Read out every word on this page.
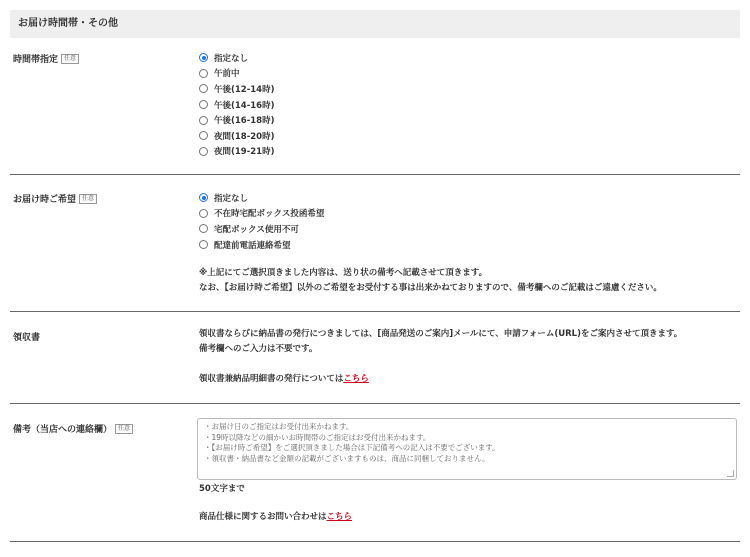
お届け時間帯・その他
時間帯指定	任意	指定なし
午前中
午後(12-14時)
午後(14-16時)
午後(16-18時)
夜間(18-20時)
夜間(19-21時)
お届け時ご希望	任意	指定なし
不在時宅配ボックス投函希望
宅配ボックス使用不可
配達前電話連絡希望
※上記にてご選択頂きました内容は、送り状の備考へ記載させて頂きます。
なお、【お届け時ご希望】以外のご希望をお受付する事は出来かねておりますので、備考欄へのご記載はご遠慮ください。
領収書	領収書ならびに納品書の発行につきましては、[商品発送のご案内]メールにて、申請フォーム(URL)をご案内させて頂きます。
備考欄へのご入力は不要です。
領収書兼納品明細書の発行についてはこちら
備考（当店への連絡欄）	任意	・お届け日のご指定はお受付出来かねます。
・19時以降などの細かいお時間帯のご指定はお受付出来かねます。
・【お届け時ご希望】をご選択頂きました場合は下記備考への記入は不要でございます。
・領収書・納品書など金額の記載がございますものは、商品に同梱しておりません。
50文字まで
商品仕様に関するお問い合わせはこちら
